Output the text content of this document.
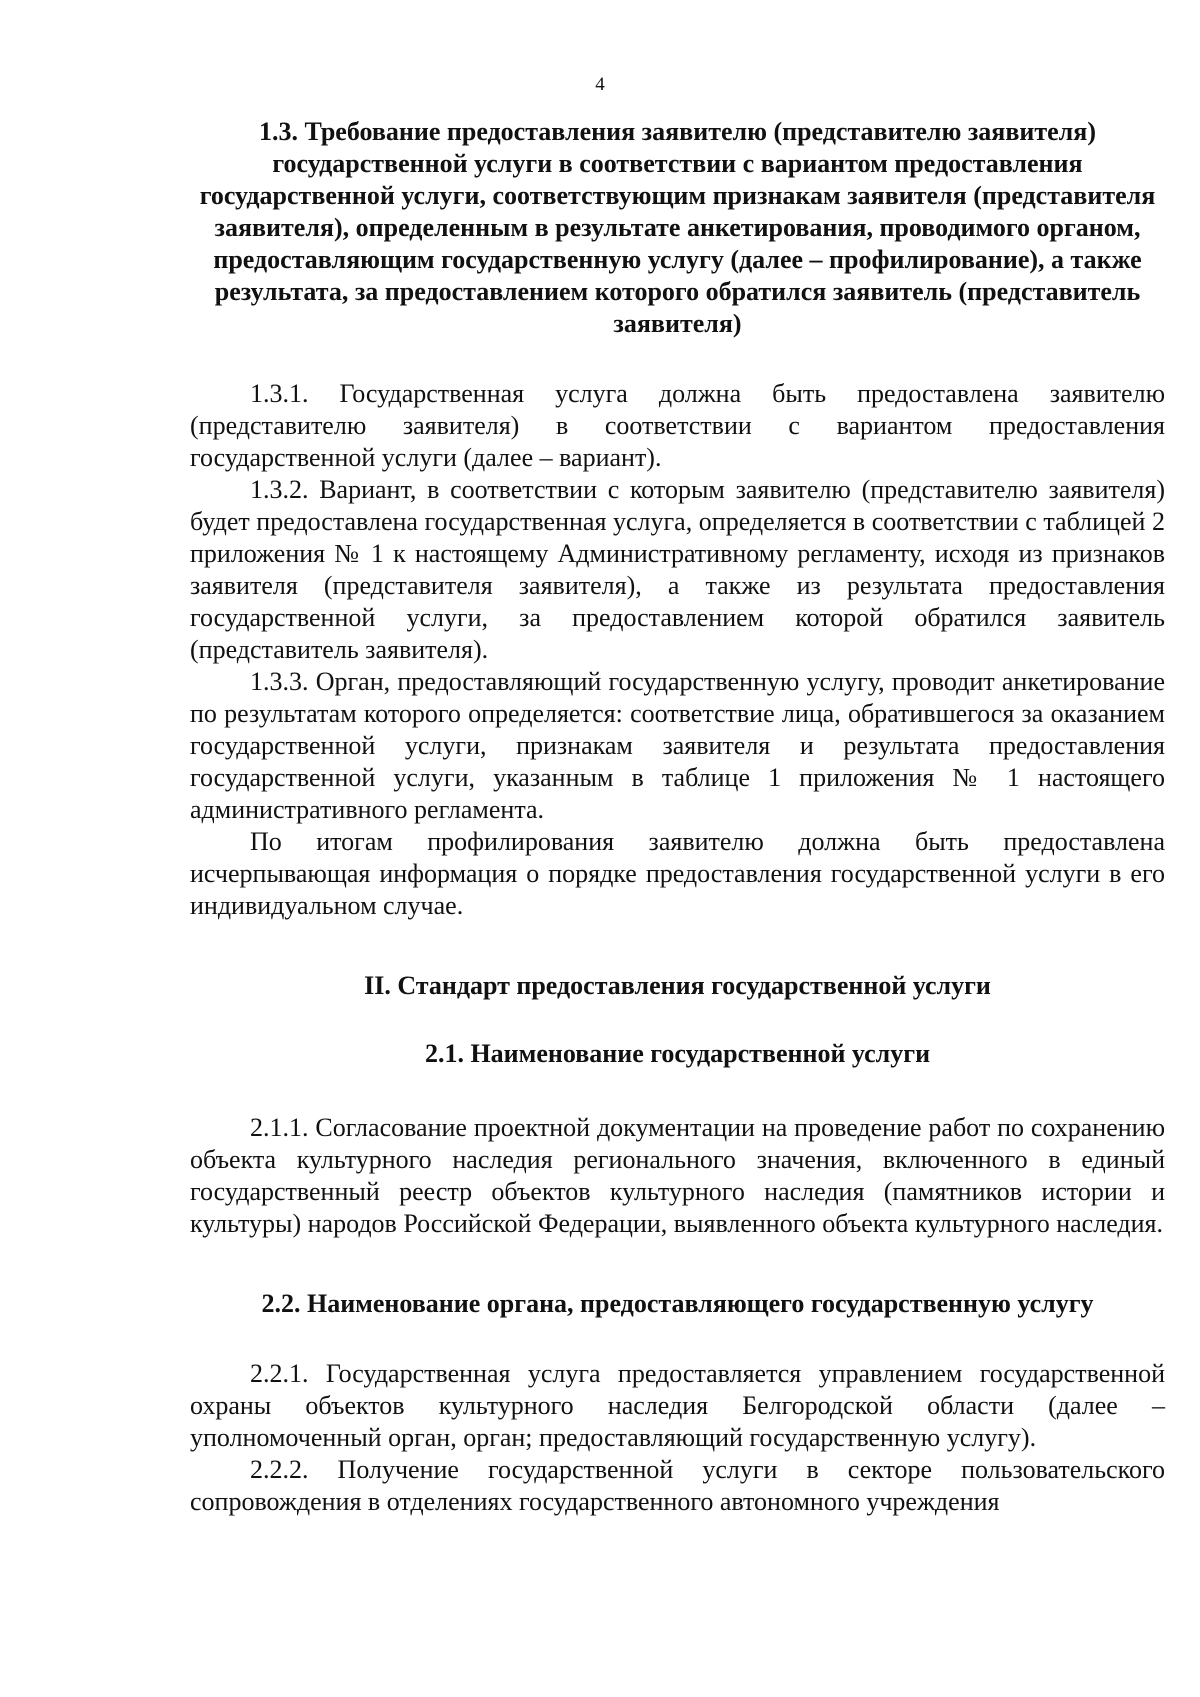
4
1.3. Требование предоставления заявителю (представителю заявителя) государственной услуги в соответствии с вариантом предоставления государственной услуги, соответствующим признакам заявителя (представителя заявителя), определенным в результате анкетирования, проводимого органом, предоставляющим государственную услугу (далее – профилирование), а также результата, за предоставлением которого обратился заявитель (представитель заявителя)

1.3.1. Государственная услуга должна быть предоставлена заявителю (представителю заявителя) в соответствии с вариантом предоставления государственной услуги (далее – вариант).

1.3.2. Вариант, в соответствии с которым заявителю (представителю заявителя) будет предоставлена государственная услуга, определяется в соответствии с таблицей 2 приложения № 1 к настоящему Административному регламенту, исходя из признаков заявителя (представителя заявителя), а также из результата предоставления государственной услуги, за предоставлением которой обратился заявитель (представитель заявителя).

1.3.3. Орган, предоставляющий государственную услугу, проводит анкетирование по результатам которого определяется: соответствие лица, обратившегося за оказанием государственной услуги, признакам заявителя и результата предоставления государственной услуги, указанным в таблице 1 приложения № 1 настоящего административного регламента.

По итогам профилирования заявителю должна быть предоставлена исчерпывающая информация о порядке предоставления государственной услуги в его индивидуальном случае.

II. Стандарт предоставления государственной услуги
2.1. Наименование государственной услуги

2.1.1. Согласование проектной документации на проведение работ по сохранению объекта культурного наследия регионального значения, включенного в единый государственный реестр объектов культурного наследия (памятников истории и культуры) народов Российской Федерации, выявленного объекта культурного наследия.

2.2. Наименование органа, предоставляющего государственную услугу

2.2.1. Государственная услуга предоставляется управлением государственной охраны объектов культурного наследия Белгородской области (далее – уполномоченный орган, орган; предоставляющий государственную услугу).

2.2.2. Получение государственной услуги в секторе пользовательского сопровождения в отделениях государственного автономного учреждения
